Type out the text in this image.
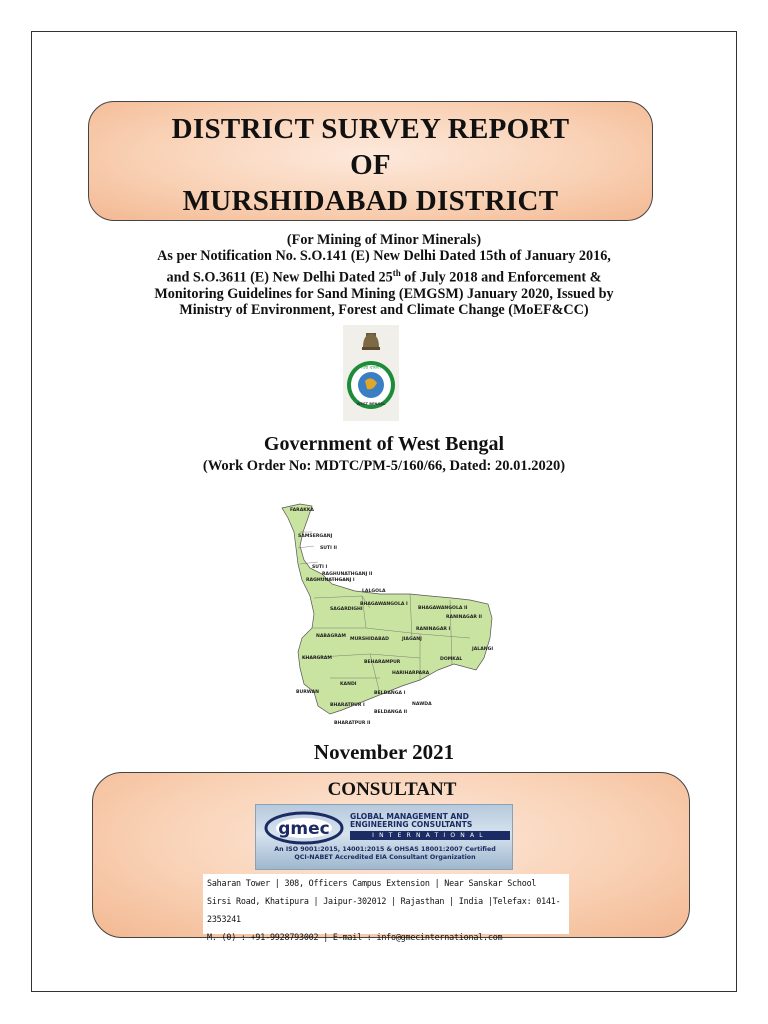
DISTRICT SURVEY REPORT
OF
MURSHIDABAD DISTRICT
(For Mining of Minor Minerals)
As per Notification No. S.O.141 (E) New Delhi Dated 15th of January 2016,
and S.O.3611 (E) New Delhi Dated 25th of July 2018 and Enforcement &
Monitoring Guidelines for Sand Mining (EMGSM) January 2020, Issued by
Ministry of Environment, Forest and Climate Change (MoEF&CC)
বিশ্ব বাংলা
WEST BENGAL
Government of West Bengal
(Work Order No: MDTC/PM-5/160/66, Dated: 20.01.2020)
FARAKKA
SAMSERGANJ
SUTI II
SUTI I
RAGHUNATHGANJ II
RAGHUNATHGANJ I
LALGOLA
BHAGAWANGOLA I
BHAGAWANGOLA II
SAGARDIGHI
RANINAGAR II
RANINAGAR I
NABAGRAM
MURSHIDABAD	JIAGANJ
JALANGI
KHARGRAM
BEHARAMPUR
DOMKAL
HARIHARPARA
KANDI
BURWAN	BELDANGA I
NAWDA
BHARATPUR I
BELDANGA II
BHARATPUR II
November 2021
CONSULTANT
gmec
GLOBAL MANAGEMENT AND
ENGINEERING CONSULTANTS
INTERNATIONAL
An ISO 9001:2015, 14001:2015 & OHSAS 18001:2007 Certified
QCI-NABET Accredited EIA Consultant Organization
Saharan Tower | 308, Officers Campus Extension | Near Sanskar School
Sirsi Road, Khatipura | Jaipur-302012 | Rajasthan | India |Telefax: 0141-2353241
M. (0) : +91-9928793002 | E-mail : info@gmecinternational.com
